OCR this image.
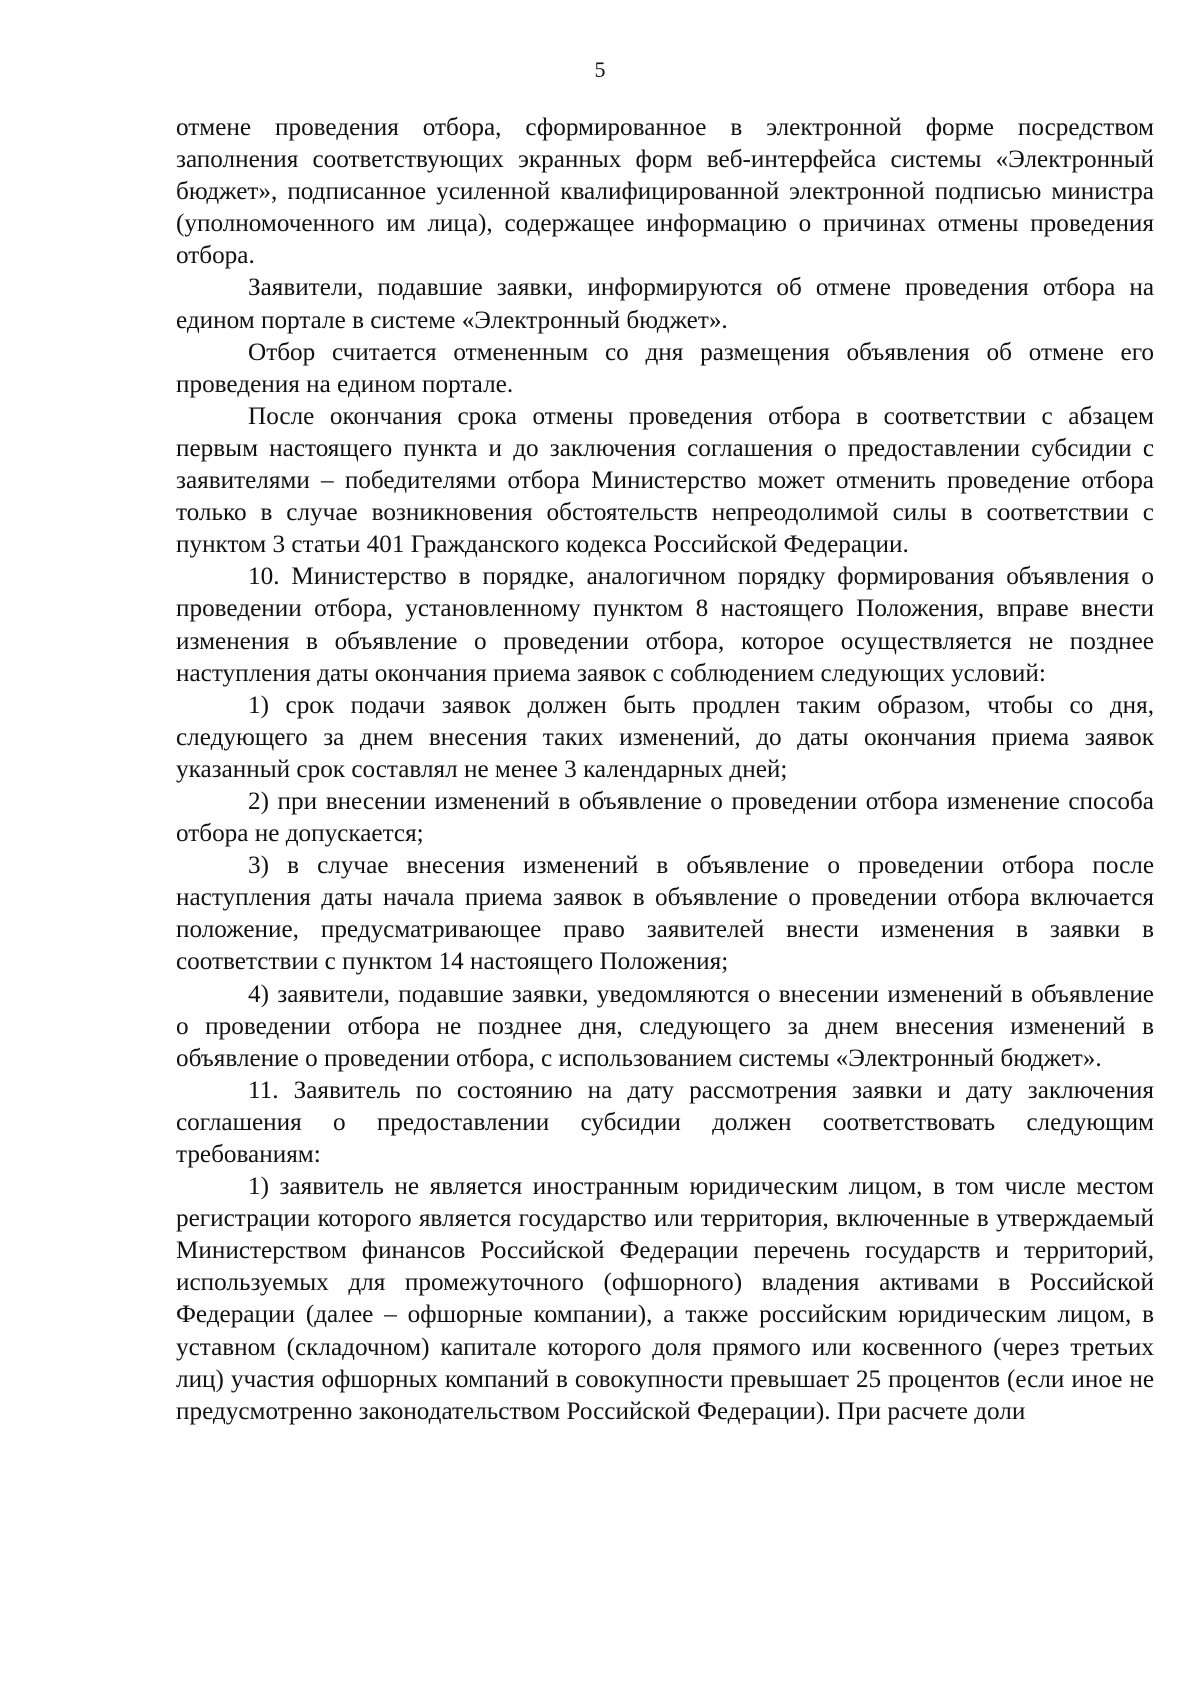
5

отмене проведения отбора, сформированное в электронной форме посредством заполнения соответствующих экранных форм веб-интерфейса системы «Электронный бюджет», подписанное усиленной квалифицированной электронной подписью министра (уполномоченного им лица), содержащее информацию о причинах отмены проведения отбора.

Заявители, подавшие заявки, информируются об отмене проведения отбора на едином портале в системе «Электронный бюджет».

Отбор считается отмененным со дня размещения объявления об отмене его проведения на едином портале.

После окончания срока отмены проведения отбора в соответствии с абзацем первым настоящего пункта и до заключения соглашения о предоставлении субсидии с заявителями – победителями отбора Министерство может отменить проведение отбора только в случае возникновения обстоятельств непреодолимой силы в соответствии с пунктом 3 статьи 401 Гражданского кодекса Российской Федерации.

10. Министерство в порядке, аналогичном порядку формирования объявления о проведении отбора, установленному пунктом 8 настоящего Положения, вправе внести изменения в объявление о проведении отбора, которое осуществляется не позднее наступления даты окончания приема заявок с соблюдением следующих условий:

1) срок подачи заявок должен быть продлен таким образом, чтобы со дня, следующего за днем внесения таких изменений, до даты окончания приема заявок указанный срок составлял не менее 3 календарных дней;

2) при внесении изменений в объявление о проведении отбора изменение способа отбора не допускается;

3) в случае внесения изменений в объявление о проведении отбора после наступления даты начала приема заявок в объявление о проведении отбора включается положение, предусматривающее право заявителей внести изменения в заявки в соответствии с пунктом 14 настоящего Положения;

4) заявители, подавшие заявки, уведомляются о внесении изменений в объявление о проведении отбора не позднее дня, следующего за днем внесения изменений в объявление о проведении отбора, с использованием системы «Электронный бюджет».

11. Заявитель по состоянию на дату рассмотрения заявки и дату заключения соглашения о предоставлении субсидии должен соответствовать следующим требованиям:

1) заявитель не является иностранным юридическим лицом, в том числе местом регистрации которого является государство или территория, включенные в утверждаемый Министерством финансов Российской Федерации перечень государств и территорий, используемых для промежуточного (офшорного) владения активами в Российской Федерации (далее – офшорные компании), а также российским юридическим лицом, в уставном (складочном) капитале которого доля прямого или косвенного (через третьих лиц) участия офшорных компаний в совокупности превышает 25 процентов (если иное не предусмотренно законодательством Российской Федерации). При расчете доли
